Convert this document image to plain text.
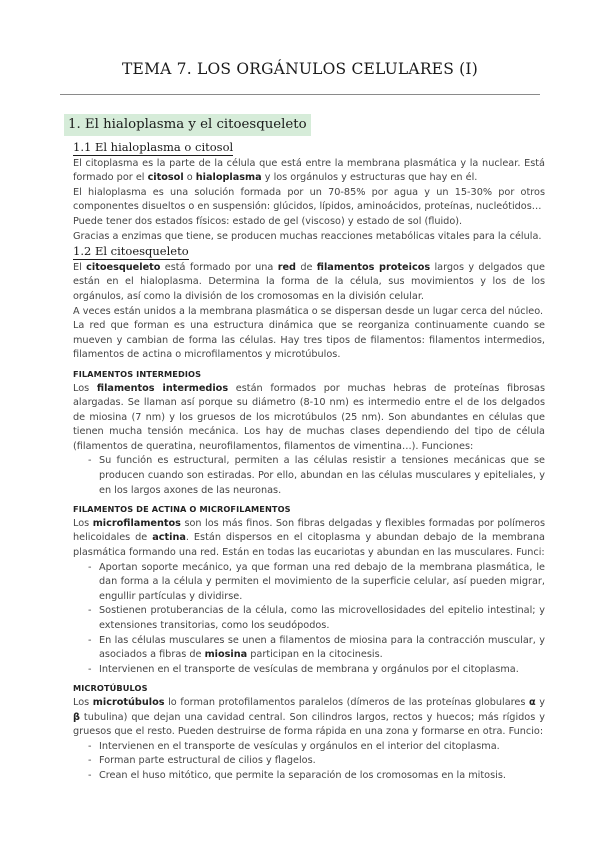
TEMA 7. LOS ORGÁNULOS CELULARES (I)
1. El hialoplasma y el citoesqueleto
1.1 El hialoplasma o citosol

El citoplasma es la parte de la célula que está entre la membrana plasmática y la nuclear. Está formado por el citosol o hialoplasma y los orgánulos y estructuras que hay en él.

El hialoplasma es una solución formada por un 70-85% por agua y un 15-30% por otros componentes disueltos o en suspensión: glúcidos, lípidos, aminoácidos, proteínas, nucleótidos…

Puede tener dos estados físicos: estado de gel (viscoso) y estado de sol (fluido).

Gracias a enzimas que tiene, se producen muchas reacciones metabólicas vitales para la célula.

1.2 El citoesqueleto

El citoesqueleto está formado por una red de filamentos proteicos largos y delgados que están en el hialoplasma. Determina la forma de la célula, sus movimientos y los de los orgánulos, así como la división de los cromosomas en la división celular.

A veces están unidos a la membrana plasmática o se dispersan desde un lugar cerca del núcleo.

La red que forman es una estructura dinámica que se reorganiza continuamente cuando se mueven y cambian de forma las células. Hay tres tipos de filamentos: filamentos intermedios, filamentos de actina o microfilamentos y microtúbulos.

FILAMENTOS INTERMEDIOS

Los filamentos intermedios están formados por muchas hebras de proteínas fibrosas alargadas. Se llaman así porque su diámetro (8-10 nm) es intermedio entre el de los delgados de miosina (7 nm) y los gruesos de los microtúbulos (25 nm). Son abundantes en células que tienen mucha tensión mecánica. Los hay de muchas clases dependiendo del tipo de célula (filamentos de queratina, neurofilamentos, filamentos de vimentina…). Funciones:

- Su función es estructural, permiten a las células resistir a tensiones mecánicas que se producen cuando son estiradas. Por ello, abundan en las células musculares y epiteliales, y en los largos axones de las neuronas.
FILAMENTOS DE ACTINA O MICROFILAMENTOS

Los microfilamentos son los más finos. Son fibras delgadas y flexibles formadas por polímeros helicoidales de actina. Están dispersos en el citoplasma y abundan debajo de la membrana plasmática formando una red. Están en todas las eucariotas y abundan en las musculares. Funci:

- Aportan soporte mecánico, ya que forman una red debajo de la membrana plasmática, le dan forma a la célula y permiten el movimiento de la superficie celular, así pueden migrar, engullir partículas y dividirse.
- Sostienen protuberancias de la célula, como las microvellosidades del epitelio intestinal; y extensiones transitorias, como los seudópodos.
- En las células musculares se unen a filamentos de miosina para la contracción muscular, y asociados a fibras de miosina participan en la citocinesis.
- Intervienen en el transporte de vesículas de membrana y orgánulos por el citoplasma.
MICROTÚBULOS

Los microtúbulos lo forman protofilamentos paralelos (dímeros de las proteínas globulares α y β tubulina) que dejan una cavidad central. Son cilindros largos, rectos y huecos; más rígidos y gruesos que el resto. Pueden destruirse de forma rápida en una zona y formarse en otra. Funcio:

- Intervienen en el transporte de vesículas y orgánulos en el interior del citoplasma.
- Forman parte estructural de cilios y flagelos.
- Crean el huso mitótico, que permite la separación de los cromosomas en la mitosis.
